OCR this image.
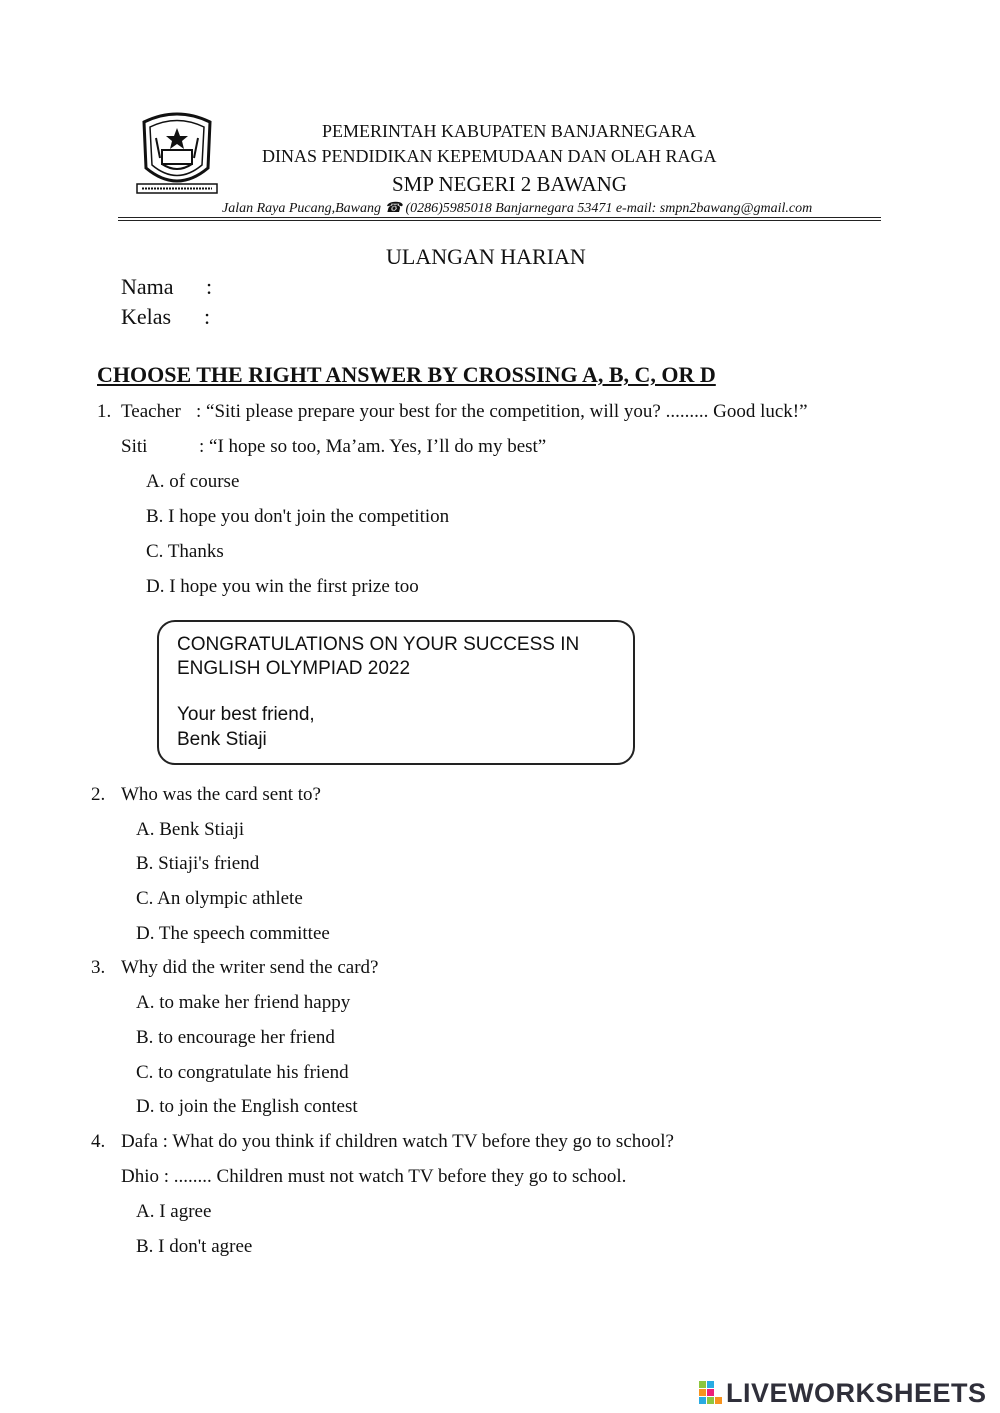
PEMERINTAH KABUPATEN BANJARNEGARA
DINAS PENDIDIKAN KEPEMUDAAN DAN OLAH RAGA
SMP NEGERI 2 BAWANG
Jalan Raya Pucang,Bawang ☎ (0286)5985018 Banjarnegara 53471 e-mail: smpn2bawang@gmail.com
ULANGAN HARIAN
Nama :
Kelas :
CHOOSE THE RIGHT ANSWER BY CROSSING A, B, C, OR D
1. Teacher : “Siti please prepare your best for the competition, will you? ......... Good luck!”
Siti	: “I hope so too, Ma’am. Yes, I’ll do my best”
A. of course
B. I hope you don't join the competition
C. Thanks
D. I hope you win the first prize too
CONGRATULATIONS ON YOUR SUCCESS IN
ENGLISH OLYMPIAD 2022
Your best friend,
Benk Stiaji
2. Who was the card sent to?
A. Benk Stiaji
B. Stiaji's friend
C. An olympic athlete
D. The speech committee
3. Why did the writer send the card?
A. to make her friend happy
B. to encourage her friend
C. to congratulate his friend
D. to join the English contest
4. Dafa : What do you think if children watch TV before they go to school?
Dhio : ........ Children must not watch TV before they go to school.
A. I agree
B. I don't agree
LIVEWORKSHEETS
